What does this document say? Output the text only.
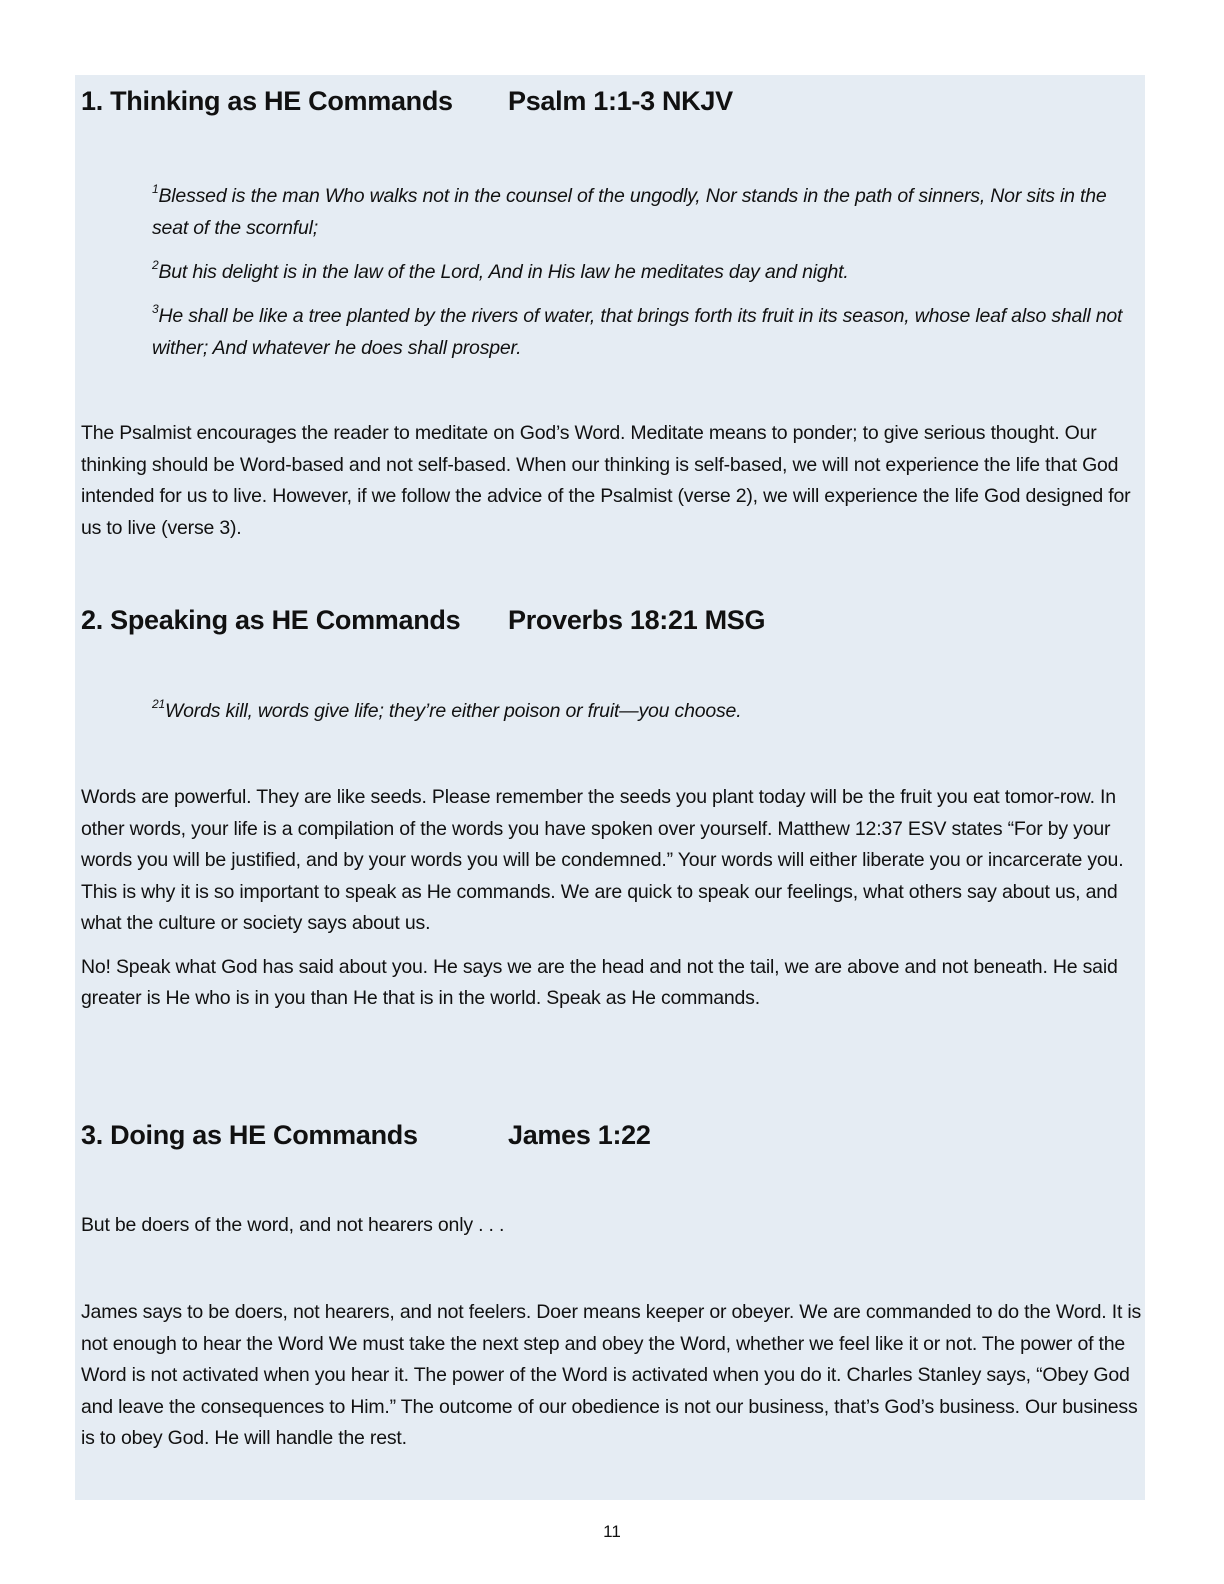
1. Thinking as HE Commands Psalm 1:1-3 NKJV

$^1$Blessed is the man Who walks not in the counsel of the ungodly, Nor stands in the path of sinners, Nor sits in the seat of the scornful;

$^2$But his delight is in the law of the Lord, And in His law he meditates day and night.

$^3$He shall be like a tree planted by the rivers of water, that brings forth its fruit in its season, whose leaf also shall not wither; And whatever he does shall prosper.

The Psalmist encourages the reader to meditate on God’s Word. Meditate means to ponder; to give serious thought. Our thinking should be Word-based and not self-based. When our thinking is self-based, we will not experience the life that God intended for us to live. However, if we follow the advice of the Psalmist (verse 2), we will experience the life God designed for us to live (verse 3).

2. Speaking as HE Commands Proverbs 18:21 MSG

$^{21}$Words kill, words give life; they’re either poison or fruit—you choose.

Words are powerful. They are like seeds. Please remember the seeds you plant today will be the fruit you eat tomor-row. In other words, your life is a compilation of the words you have spoken over yourself. Matthew 12:37 ESV states “For by your words you will be justified, and by your words you will be condemned.” Your words will either liberate you or incarcerate you. This is why it is so important to speak as He commands. We are quick to speak our feelings, what others say about us, and what the culture or society says about us.

No! Speak what God has said about you. He says we are the head and not the tail, we are above and not beneath. He said greater is He who is in you than He that is in the world. Speak as He commands.

3. Doing as HE Commands	James 1:22

But be doers of the word, and not hearers only . . .

James says to be doers, not hearers, and not feelers. Doer means keeper or obeyer. We are commanded to do the Word. It is not enough to hear the Word We must take the next step and obey the Word, whether we feel like it or not. The power of the Word is not activated when you hear it. The power of the Word is activated when you do it. Charles Stanley says, “Obey God and leave the consequences to Him.” The outcome of our obedience is not our business, that’s God’s business. Our business is to obey God. He will handle the rest.

11
